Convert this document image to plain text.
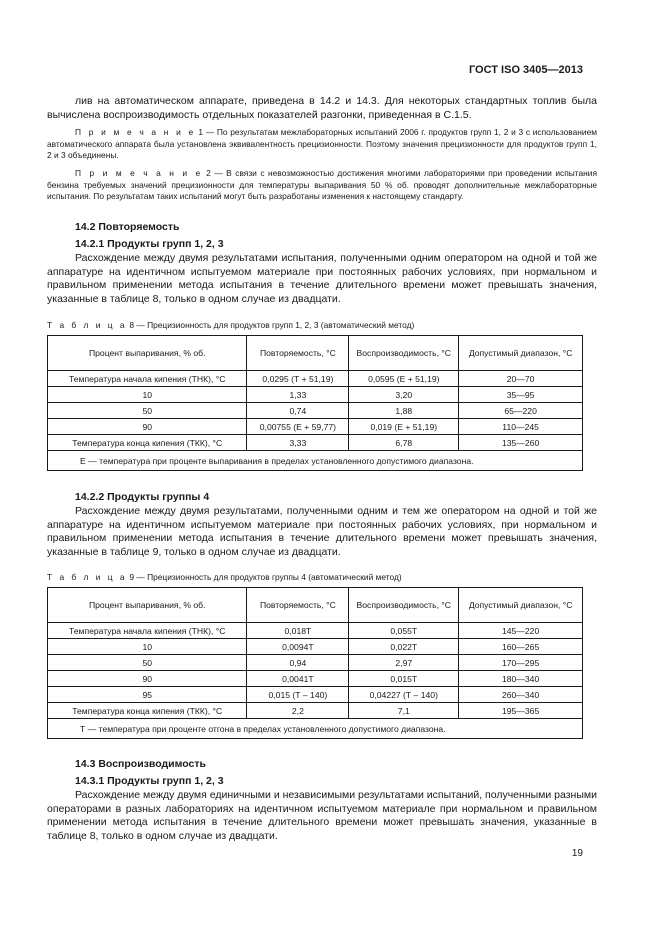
ГОСТ ISO 3405—2013
лив на автоматическом аппарате, приведена в 14.2 и 14.3. Для некоторых стандартных топлив была вычислена воспроизводимость отдельных показателей разгонки, приведенная в С.1.5.
П р и м е ч а н и е 1 — По результатам межлабораторных испытаний 2006 г. продуктов групп 1, 2 и 3 с использованием автоматического аппарата была установлена эквивалентность прецизионности. Поэтому значения прецизионности для продуктов групп 1, 2 и 3 объединены.
П р и м е ч а н и е 2 — В связи с невозможностью достижения многими лабораториями при проведении испытания бензина требуемых значений прецизионности для температуры выпаривания 50 % об. проводят дополнительные межлабораторные испытания. По результатам таких испытаний могут быть разработаны изменения к настоящему стандарту.
14.2 Повторяемость
14.2.1 Продукты групп 1, 2, 3
Расхождение между двумя результатами испытания, полученными одним оператором на одной и той же аппаратуре на идентичном испытуемом материале при постоянных рабочих условиях, при нормальном и правильном применении метода испытания в течение длительного времени может превышать значения, указанные в таблице 8, только в одном случае из двадцати.
Т а б л и ц а 8 — Прецизионность для продуктов групп 1, 2, 3 (автоматический метод)
Процент выпаривания, % об.	Повторяемость, °С	Воспроизводимость, °С	Допустимый диапазон, °С
Температура начала кипения (ТНК), °С	0,0295 (Т + 51,19)	0,0595 (Е + 51,19)	20—70
10	1,33	3,20	35—95
50	0,74	1,88	65—220
90	0,00755 (Е + 59,77)	0,019 (Е + 51,19)	110—245
Температура конца кипения (ТКК), °С	3,33	6,78	135—260
Е — температура при проценте выпаривания в пределах установленного допустимого диапазона.			
14.2.2 Продукты группы 4
Расхождение между двумя результатами, полученными одним и тем же оператором на одной и той же аппаратуре на идентичном испытуемом материале при постоянных рабочих условиях, при нормальном и правильном применении метода испытания в течение длительного времени может превышать значения, указанные в таблице 9, только в одном случае из двадцати.
Т а б л и ц а 9 — Прецизионность для продуктов группы 4 (автоматический метод)
Процент выпаривания, % об.	Повторяемость, °С	Воспроизводимость, °С	Допустимый диапазон, °С
Температура начала кипения (ТНК), °С	0,018Т	0,055Т	145—220
10	0,0094Т	0,022Т	160—265
50	0,94	2,97	170—295
90	0,0041Т	0,015Т	180—340
95	0,015 (Т – 140)	0,04227 (Т – 140)	260—340
Температура конца кипения (ТКК), °С	2,2	7,1	195—365
Т — температура при проценте отгона в пределах установленного допустимого диапазона.			
14.3 Воспроизводимость
14.3.1 Продукты групп 1, 2, 3
Расхождение между двумя единичными и независимыми результатами испытаний, полученными разными операторами в разных лабораториях на идентичном испытуемом материале при нормальном и правильном применении метода испытания в течение длительного времени может превышать значения, указанные в таблице 8, только в одном случае из двадцати.
19
